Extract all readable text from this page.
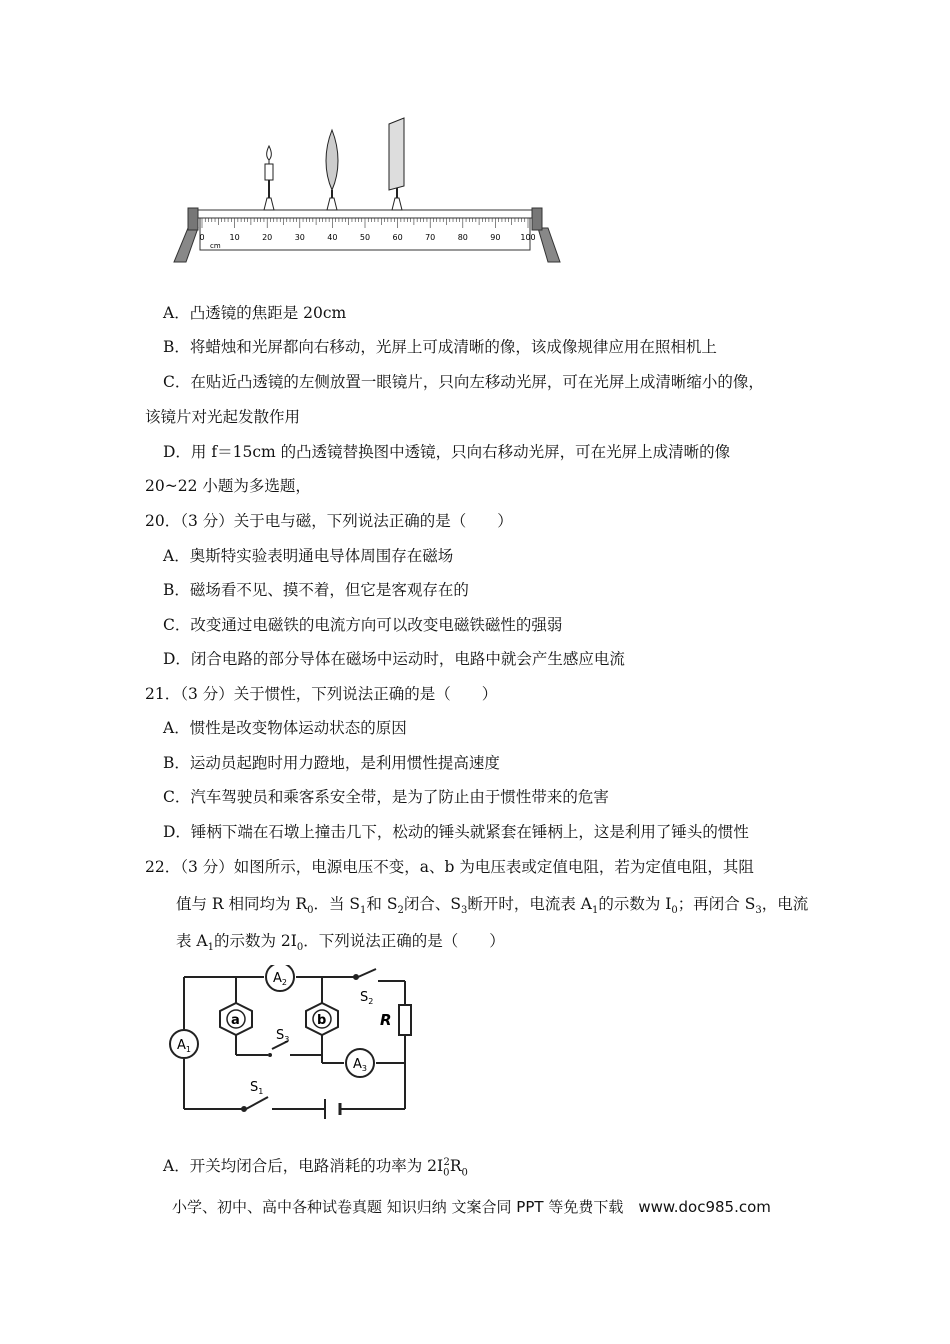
0	10	20	30	40	50	60	70	80	90 100
cm
A．凸透镜的焦距是 20cm
B．将蜡烛和光屏都向右移动，光屏上可成清晰的像，该成像规律应用在照相机上
C．在贴近凸透镜的左侧放置一眼镜片，只向左移动光屏，可在光屏上成清晰缩小的像，
该镜片对光起发散作用
D．用 f＝15cm 的凸透镜替换图中透镜，只向右移动光屏，可在光屏上成清晰的像
20~22 小题为多选题，
20．（3 分）关于电与磁，下列说法正确的是（　　）
A．奥斯特实验表明通电导体周围存在磁场
B．磁场看不见、摸不着，但它是客观存在的
C．改变通过电磁铁的电流方向可以改变电磁铁磁性的强弱
D．闭合电路的部分导体在磁场中运动时，电路中就会产生感应电流
21．（3 分）关于惯性，下列说法正确的是（　　）
A．惯性是改变物体运动状态的原因
B．运动员起跑时用力蹬地，是利用惯性提高速度
C．汽车驾驶员和乘客系安全带，是为了防止由于惯性带来的危害
D．锤柄下端在石墩上撞击几下，松动的锤头就紧套在锤柄上，这是利用了锤头的惯性
22．（3 分）如图所示，电源电压不变，a、b 为电压表或定值电阻，若为定值电阻，其阻
值与 R 相同均为 $R_0$．当 $S_1$和 $S_2$闭合、$S_3$断开时，电流表 $A_1$的示数为 $I_0$；再闭合 $S_3$，电流
表 $A_1$的示数为 $2I_0$．下列说法正确的是（　　）
$A_1$
$A_2$
$A_3$
a	b	R
$S_1$
$S_2$
$S_3$
A．开关均闭合后，电路消耗的功率为 $2I_0^2R_0$
小学、初中、高中各种试卷真题 知识归纳 文案合同 PPT 等免费下载　www.doc985.com
